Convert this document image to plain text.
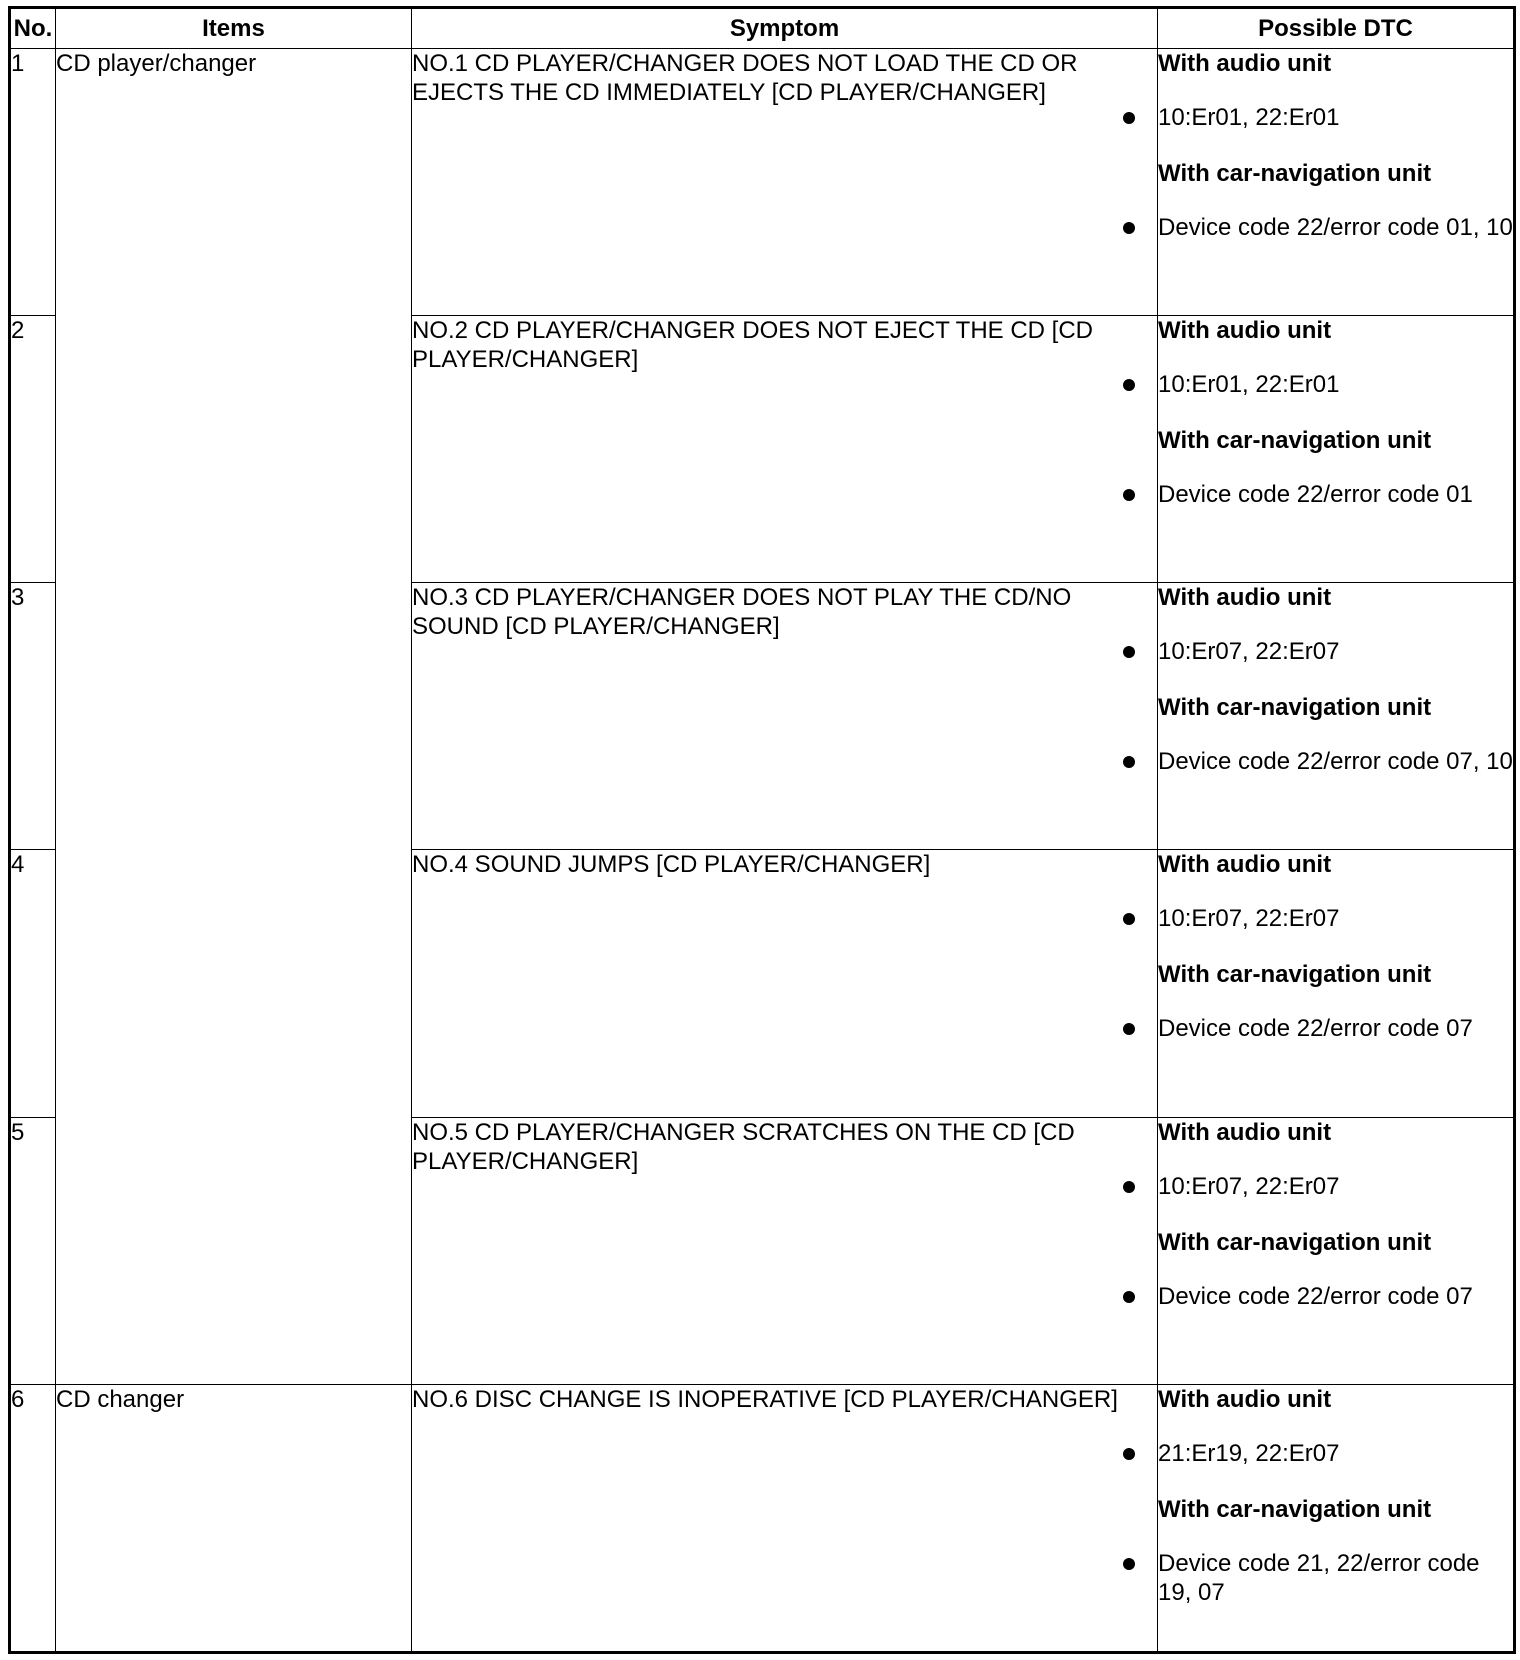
No.	Items	Symptom	Possible DTC
1	CD player/changer	NO.1 CD PLAYER/CHANGER DOES NOT LOAD THE CD OR EJECTS THE CD IMMEDIATELY [CD PLAYER/CHANGER]	With audio unit
10:Er01, 22:Er01
With car-navigation unit
Device code 22/error code 01, 10

2		NO.2 CD PLAYER/CHANGER DOES NOT EJECT THE CD [CD PLAYER/CHANGER]	With audio unit
10:Er01, 22:Er01
With car-navigation unit
Device code 22/error code 01

3		NO.3 CD PLAYER/CHANGER DOES NOT PLAY THE CD/NO SOUND [CD PLAYER/CHANGER]	With audio unit
10:Er07, 22:Er07
With car-navigation unit
Device code 22/error code 07, 10

4		NO.4 SOUND JUMPS [CD PLAYER/CHANGER]	With audio unit
10:Er07, 22:Er07
With car-navigation unit
Device code 22/error code 07

5		NO.5 CD PLAYER/CHANGER SCRATCHES ON THE CD [CD PLAYER/CHANGER]	With audio unit
10:Er07, 22:Er07
With car-navigation unit
Device code 22/error code 07

6	CD changer	NO.6 DISC CHANGE IS INOPERATIVE [CD PLAYER/CHANGER]	With audio unit
21:Er19, 22:Er07
With car-navigation unit
Device code 21, 22/error code 19, 07
